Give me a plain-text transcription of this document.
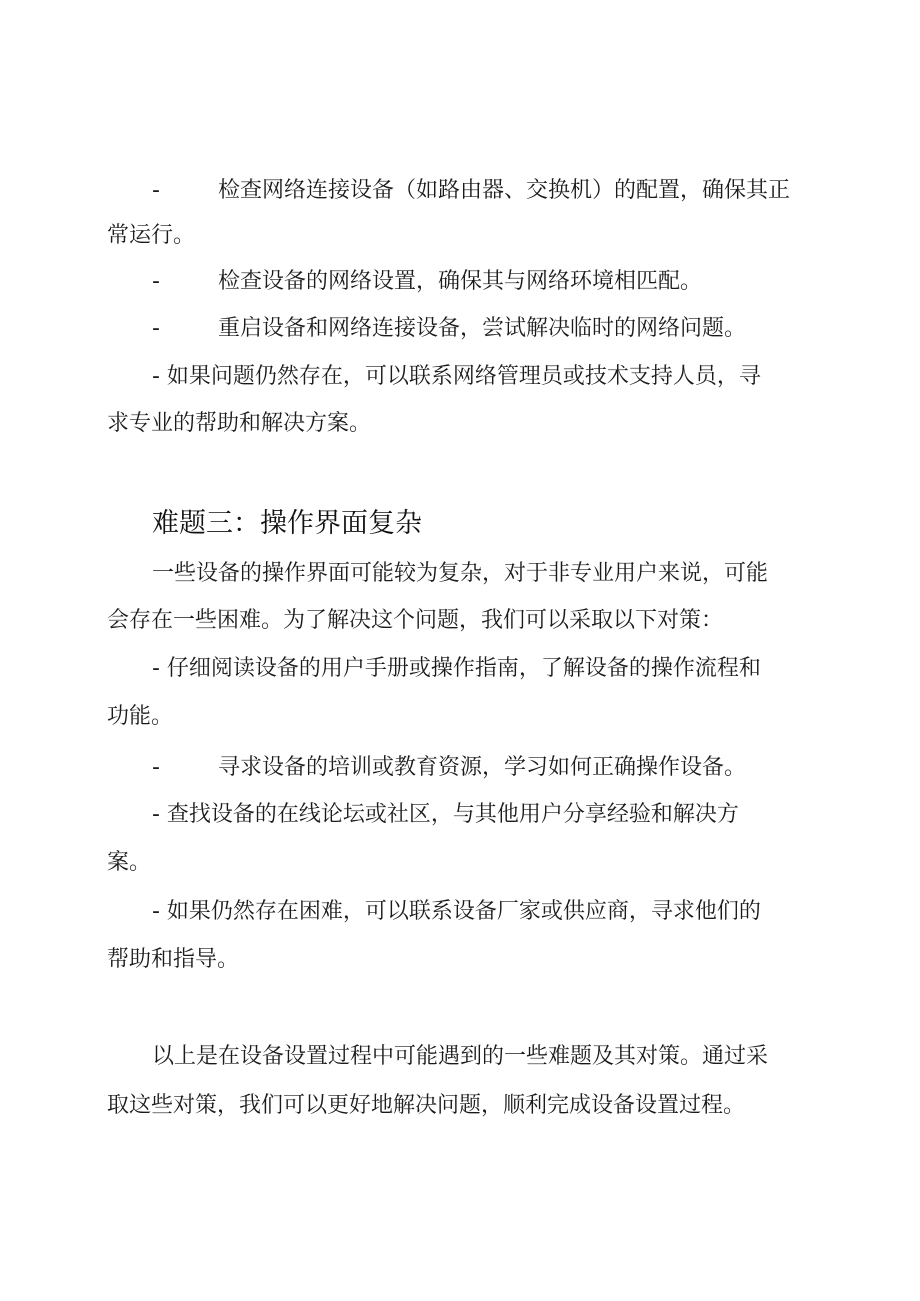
-	检查网络连接设备（如路由器、交换机）的配置，确保其正
常运行。
-	检查设备的网络设置，确保其与网络环境相匹配。
-	重启设备和网络连接设备，尝试解决临时的网络问题。
- 如果问题仍然存在，可以联系网络管理员或技术支持人员，寻
求专业的帮助和解决方案。
难题三：操作界面复杂
一些设备的操作界面可能较为复杂，对于非专业用户来说，可能
会存在一些困难。为了解决这个问题，我们可以采取以下对策：
- 仔细阅读设备的用户手册或操作指南，了解设备的操作流程和
功能。
-	寻求设备的培训或教育资源，学习如何正确操作设备。
- 查找设备的在线论坛或社区，与其他用户分享经验和解决方
案。
- 如果仍然存在困难，可以联系设备厂家或供应商，寻求他们的
帮助和指导。
以上是在设备设置过程中可能遇到的一些难题及其对策。通过采
取这些对策，我们可以更好地解决问题，顺利完成设备设置过程。
